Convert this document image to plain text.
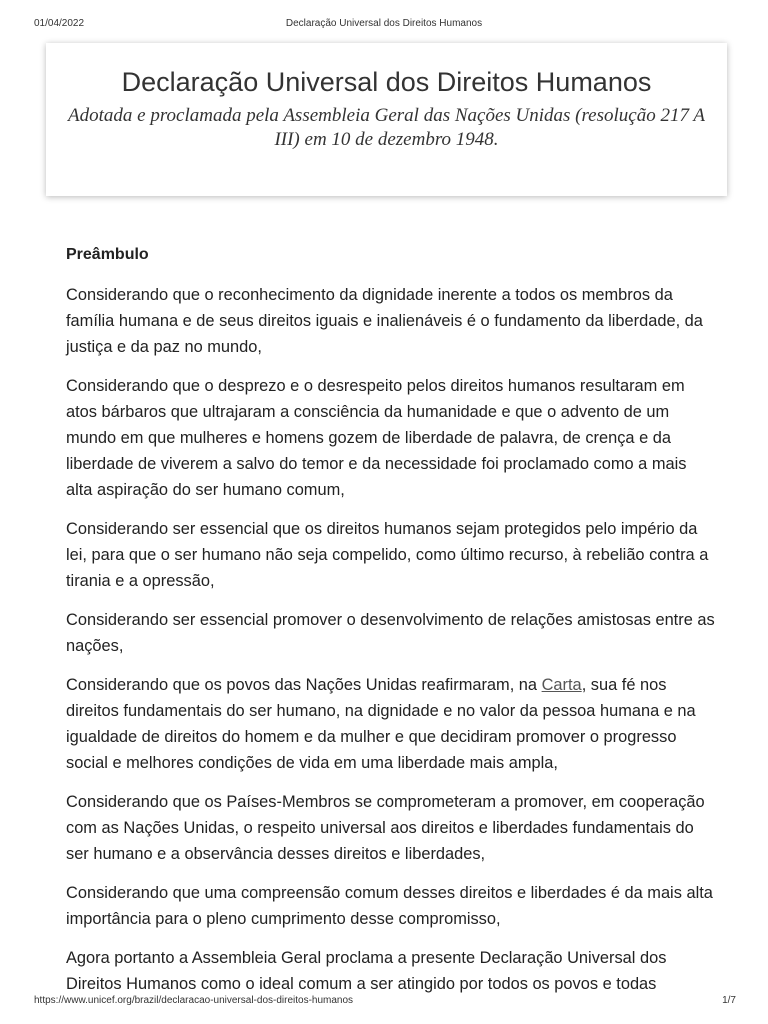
01/04/2022	Declaração Universal dos Direitos Humanos
Declaração Universal dos Direitos Humanos

Adotada e proclamada pela Assembleia Geral das Nações Unidas (resolução 217 A III) em 10 de dezembro 1948.

Preâmbulo

Considerando que o reconhecimento da dignidade inerente a todos os membros da família humana e de seus direitos iguais e inalienáveis é o fundamento da liberdade, da justiça e da paz no mundo,

Considerando que o desprezo e o desrespeito pelos direitos humanos resultaram em atos bárbaros que ultrajaram a consciência da humanidade e que o advento de um mundo em que mulheres e homens gozem de liberdade de palavra, de crença e da liberdade de viverem a salvo do temor e da necessidade foi proclamado como a mais alta aspiração do ser humano comum,

Considerando ser essencial que os direitos humanos sejam protegidos pelo império da lei, para que o ser humano não seja compelido, como último recurso, à rebelião contra a tirania e a opressão,

Considerando ser essencial promover o desenvolvimento de relações amistosas entre as nações,

Considerando que os povos das Nações Unidas reafirmaram, na Carta, sua fé nos direitos fundamentais do ser humano, na dignidade e no valor da pessoa humana e na igualdade de direitos do homem e da mulher e que decidiram promover o progresso social e melhores condições de vida em uma liberdade mais ampla,

Considerando que os Países-Membros se comprometeram a promover, em cooperação com as Nações Unidas, o respeito universal aos direitos e liberdades fundamentais do ser humano e a observância desses direitos e liberdades,

Considerando que uma compreensão comum desses direitos e liberdades é da mais alta importância para o pleno cumprimento desse compromisso,

Agora portanto a Assembleia Geral proclama a presente Declaração Universal dos Direitos Humanos como o ideal comum a ser atingido por todos os povos e todas

https://www.unicef.org/brazil/declaracao-universal-dos-direitos-humanos	1/7
